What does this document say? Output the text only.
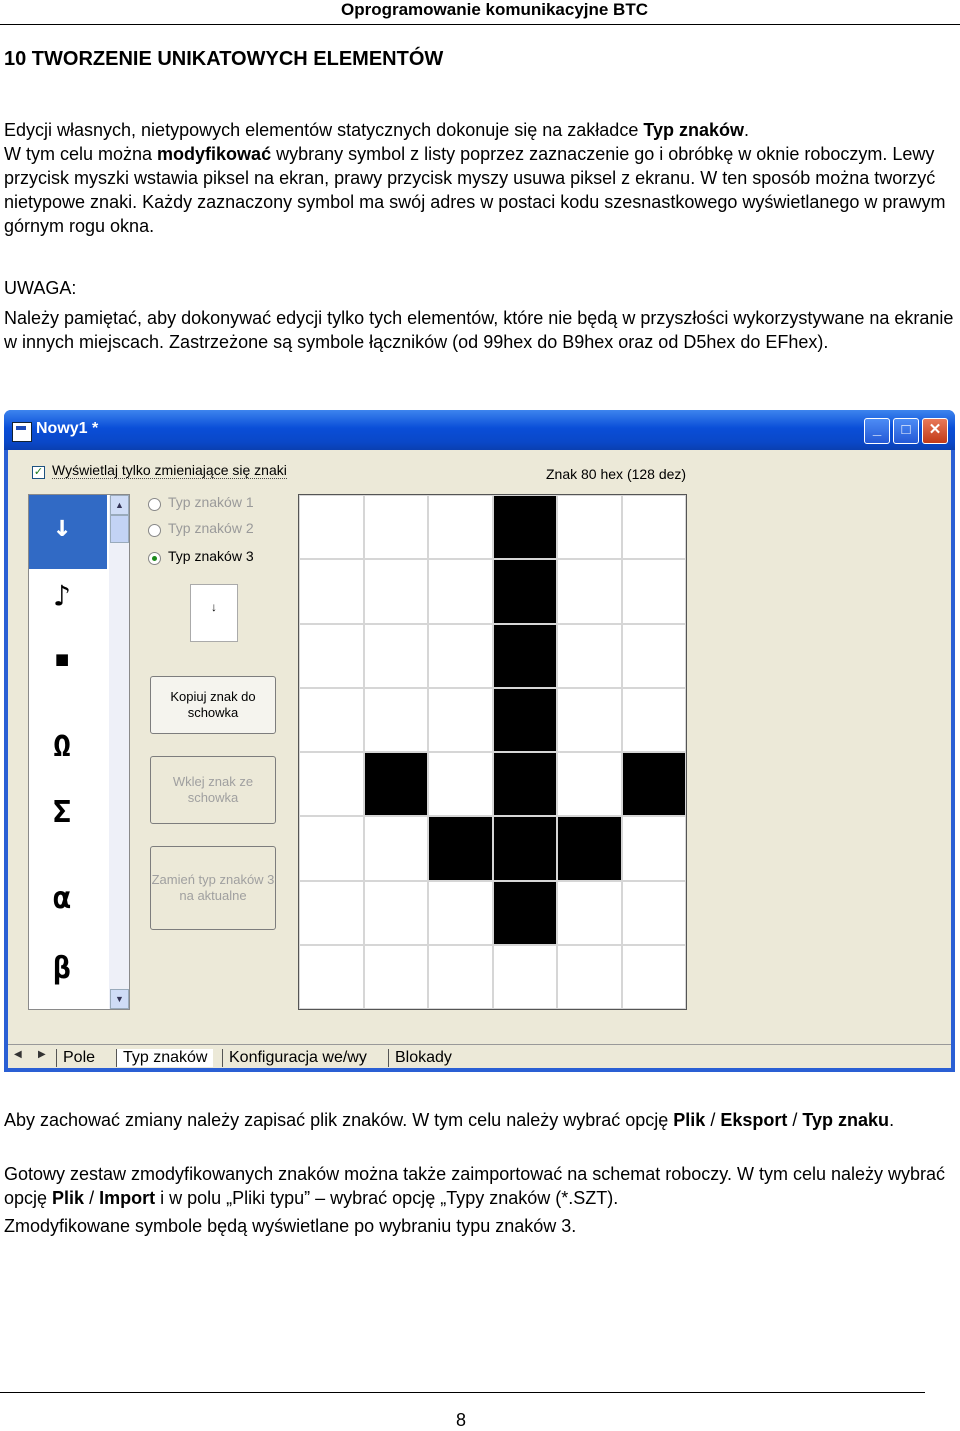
Oprogramowanie komunikacyjne BTC
10 TWORZENIE UNIKATOWYCH ELEMENTÓW
Edycji własnych, nietypowych elementów statycznych dokonuje się na zakładce Typ znaków.
W tym celu można modyfikować wybrany symbol z listy poprzez zaznaczenie go i obróbkę w oknie roboczym. Lewy przycisk myszki wstawia piksel na ekran, prawy przycisk myszy usuwa piksel z ekranu. W ten sposób można tworzyć nietypowe znaki. Każdy zaznaczony symbol ma swój adres w postaci kodu szesnastkowego wyświetlanego w prawym górnym rogu okna.
UWAGA:
Należy pamiętać, aby dokonywać edycji tylko tych elementów, które nie będą w przyszłości wykorzystywane na ekranie w innych miejscach. Zastrzeżone są symbole łączników (od 99hex do B9hex oraz od D5hex do EFhex).
Nowy1 *	_	□	✕
✓ Wyświetlaj tylko zmieniające się znaki	Znak 80 hex (128 dez)
↓
♪
▪
Ω
Σ
α
β
▲
▼
Typ znaków 1
Typ znaków 2
Typ znaków 3
↓
Kopiuj znak do schowka
Wklej znak ze schowka
Zamień typ znaków 3 na aktualne
◀ ▶	Pole	Typ znaków	Konfiguracja we/wy	Blokady
Aby zachować zmiany należy zapisać plik znaków. W tym celu należy wybrać opcję Plik / Eksport / Typ znaku.
Gotowy zestaw zmodyfikowanych znaków można także zaimportować na schemat roboczy. W tym celu należy wybrać opcję Plik / Import i w polu „Pliki typu” – wybrać opcję „Typy znaków (*.SZT).
Zmodyfikowane symbole będą wyświetlane po wybraniu typu znaków 3.
8
